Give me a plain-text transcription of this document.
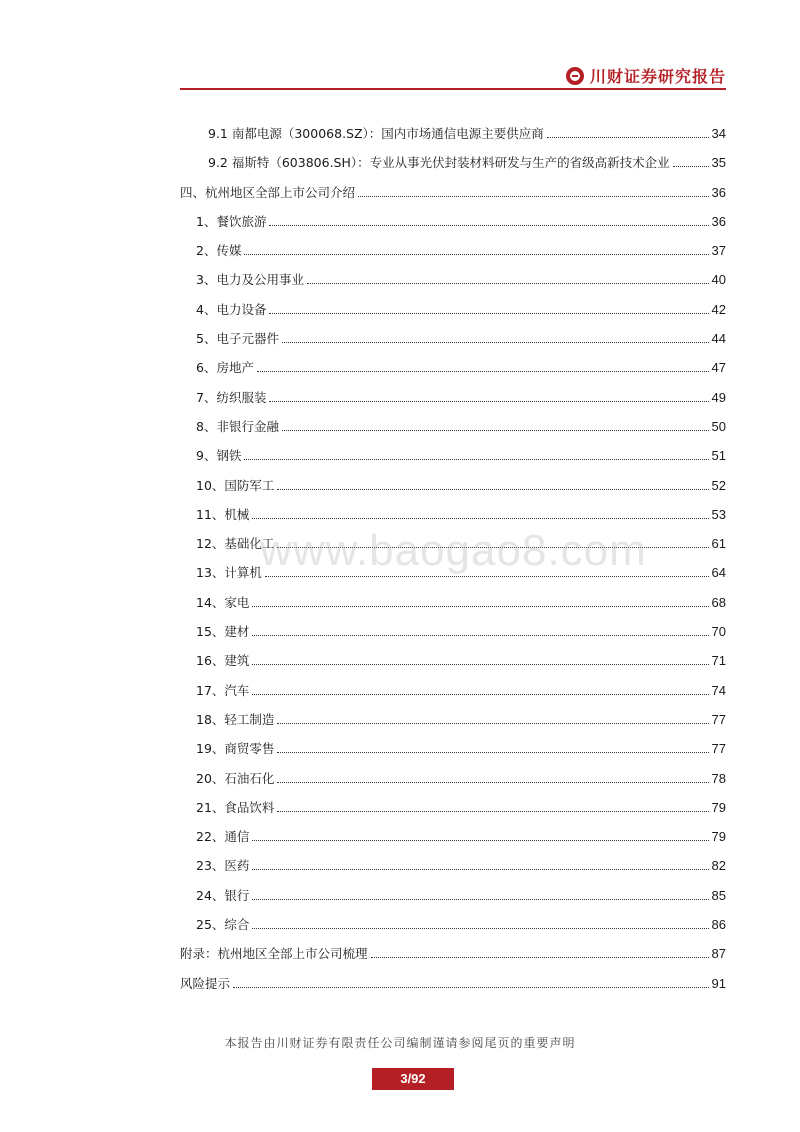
川财证券研究报告
9.1 南都电源（300068.SZ）：国内市场通信电源主要供应商	34
9.2 福斯特（603806.SH）：专业从事光伏封装材料研发与生产的省级高新技术企业	35
四、杭州地区全部上市公司介绍	36
1、餐饮旅游	36
2、传媒	37
3、电力及公用事业	40
4、电力设备	42
5、电子元器件	44
6、房地产	47
7、纺织服装	49
8、非银行金融	50
9、钢铁	51
10、国防军工	52
11、机械	53
12、基础化工	61
13、计算机	64
14、家电	68
15、建材	70
16、建筑	71
17、汽车	74
18、轻工制造	77
19、商贸零售	77
20、石油石化	78
21、食品饮料	79
22、通信	79
23、医药	82
24、银行	85
25、综合	86
附录：杭州地区全部上市公司梳理	87
风险提示	91
www.baogao8.com
本报告由川财证券有限责任公司编制谨请参阅尾页的重要声明
3/92
